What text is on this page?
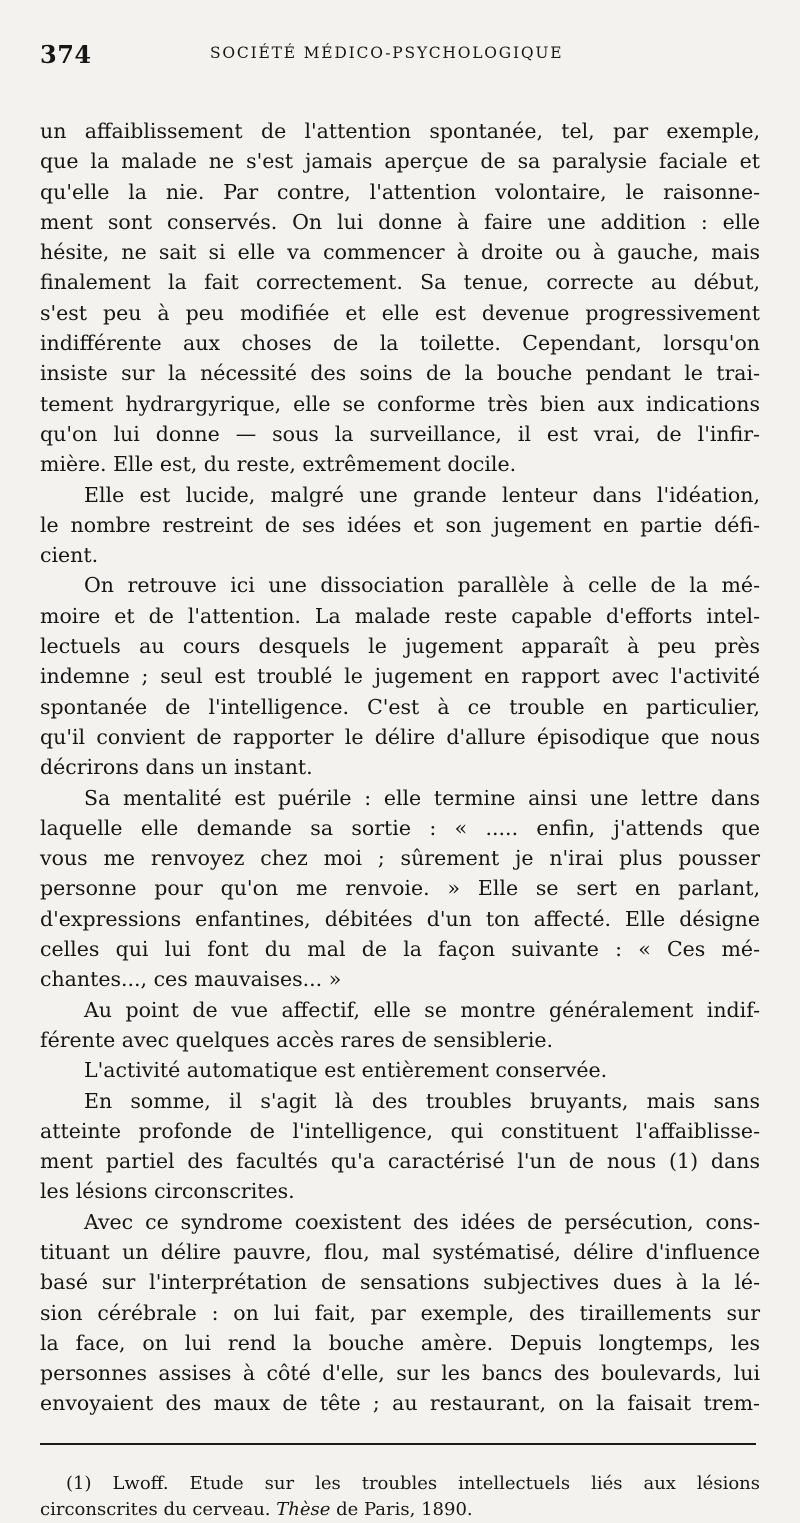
374	SOCIÉTÉ MÉDICO-PSYCHOLOGIQUE
un affaiblissement de l'attention spontanée, tel, par exemple,
que la malade ne s'est jamais aperçue de sa paralysie faciale et
qu'elle la nie. Par contre, l'attention volontaire, le raisonne-
ment sont conservés. On lui donne à faire une addition : elle
hésite, ne sait si elle va commencer à droite ou à gauche, mais
finalement la fait correctement. Sa tenue, correcte au début,
s'est peu à peu modifiée et elle est devenue progressivement
indifférente aux choses de la toilette. Cependant, lorsqu'on
insiste sur la nécessité des soins de la bouche pendant le trai-
tement hydrargyrique, elle se conforme très bien aux indications
qu'on lui donne — sous la surveillance, il est vrai, de l'infir-
mière. Elle est, du reste, extrêmement docile.
Elle est lucide, malgré une grande lenteur dans l'idéation,
le nombre restreint de ses idées et son jugement en partie défi-
cient.
On retrouve ici une dissociation parallèle à celle de la mé-
moire et de l'attention. La malade reste capable d'efforts intel-
lectuels au cours desquels le jugement apparaît à peu près
indemne ; seul est troublé le jugement en rapport avec l'activité
spontanée de l'intelligence. C'est à ce trouble en particulier,
qu'il convient de rapporter le délire d'allure épisodique que nous
décrirons dans un instant.
Sa mentalité est puérile : elle termine ainsi une lettre dans
laquelle elle demande sa sortie : « ..... enfin, j'attends que
vous me renvoyez chez moi ; sûrement je n'irai plus pousser
personne pour qu'on me renvoie. » Elle se sert en parlant,
d'expressions enfantines, débitées d'un ton affecté. Elle désigne
celles qui lui font du mal de la façon suivante : « Ces mé-
chantes..., ces mauvaises... »
Au point de vue affectif, elle se montre généralement indif-
férente avec quelques accès rares de sensiblerie.
L'activité automatique est entièrement conservée.
En somme, il s'agit là des troubles bruyants, mais sans
atteinte profonde de l'intelligence, qui constituent l'affaiblisse-
ment partiel des facultés qu'a caractérisé l'un de nous (1) dans
les lésions circonscrites.
Avec ce syndrome coexistent des idées de persécution, cons-
tituant un délire pauvre, flou, mal systématisé, délire d'influence
basé sur l'interprétation de sensations subjectives dues à la lé-
sion cérébrale : on lui fait, par exemple, des tiraillements sur
la face, on lui rend la bouche amère. Depuis longtemps, les
personnes assises à côté d'elle, sur les bancs des boulevards, lui
envoyaient des maux de tête ; au restaurant, on la faisait trem-
(1) Lwoff. Etude sur les troubles intellectuels liés aux lésions
circonscrites du cerveau. Thèse de Paris, 1890.
